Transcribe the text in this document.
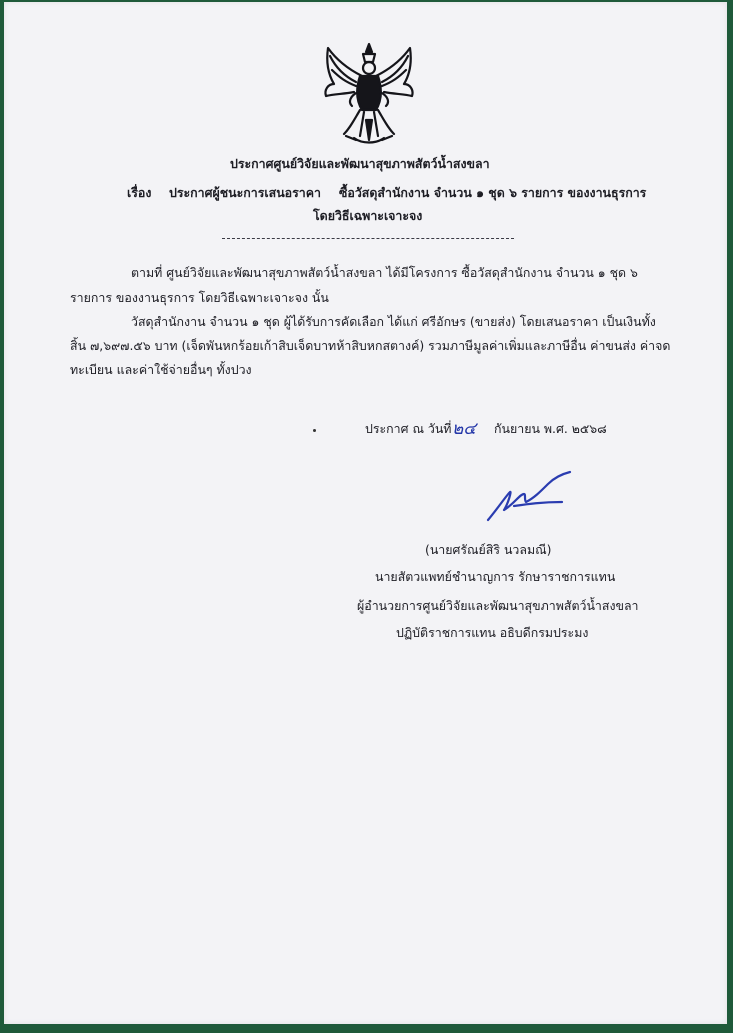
ประกาศศูนย์วิจัยและพัฒนาสุขภาพสัตว์น้ำสงขลา

เรื่อง ประกาศผู้ชนะการเสนอราคา ซื้อวัสดุสำนักงาน จำนวน ๑ ชุด ๖ รายการ ของงานธุรการ

โดยวิธีเฉพาะเจาะจง

ตามที่ ศูนย์วิจัยและพัฒนาสุขภาพสัตว์น้ำสงขลา ได้มีโครงการ ซื้อวัสดุสำนักงาน จำนวน ๑ ชุด ๖

รายการ ของงานธุรการ โดยวิธีเฉพาะเจาะจง นั้น

วัสดุสำนักงาน จำนวน ๑ ชุด ผู้ได้รับการคัดเลือก ได้แก่ ศรีอักษร (ขายส่ง) โดยเสนอราคา เป็นเงินทั้ง

สิ้น ๗,๖๙๗.๕๖ บาท (เจ็ดพันหกร้อยเก้าสิบเจ็ดบาทห้าสิบหกสตางค์) รวมภาษีมูลค่าเพิ่มและภาษีอื่น ค่าขนส่ง ค่าจด

ทะเบียน และค่าใช้จ่ายอื่นๆ ทั้งปวง

ประกาศ ณ วันที่ ๒๔ กันยายน พ.ศ. ๒๕๖๘

(นายศรัณย์สิริ นวลมณี)

นายสัตวแพทย์ชำนาญการ รักษาราชการแทน

ผู้อำนวยการศูนย์วิจัยและพัฒนาสุขภาพสัตว์น้ำสงขลา

ปฏิบัติราชการแทน อธิบดีกรมประมง
